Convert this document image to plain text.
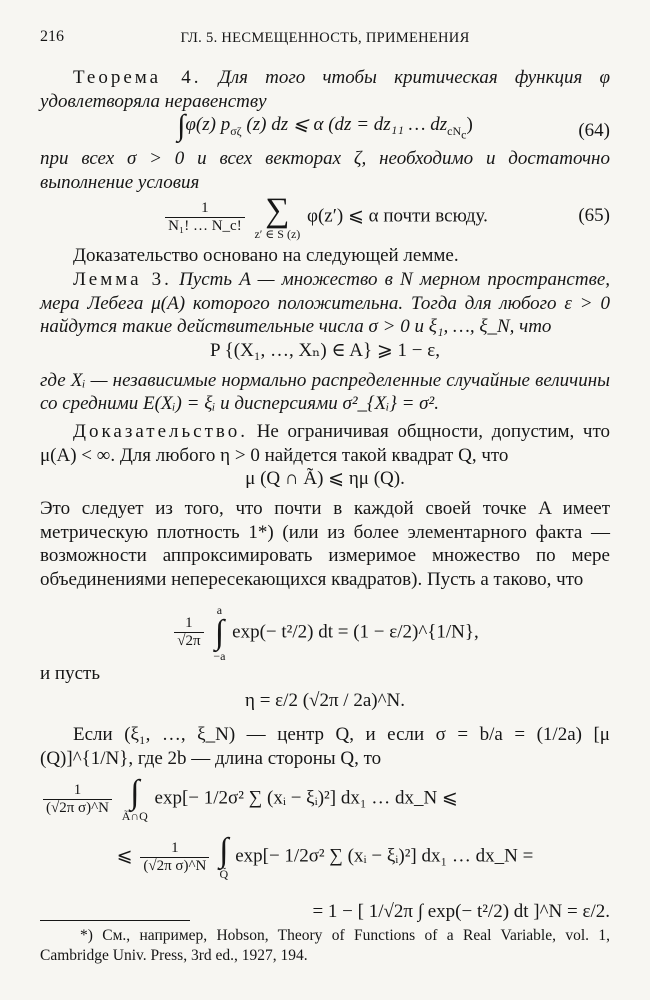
216	ГЛ. 5. НЕСМЕЩЕННОСТЬ, ПРИМЕНЕНИЯ

Теорема 4. Для того чтобы критическая функция φ удовлетворяла неравенству

∫φ(z) $p_{\sigma\zeta}$ (z) dz ⩽ α (dz = dz₁₁ … $dz_{cN_c}$)	(64)

при всех σ > 0 и всех векторах ζ, необходимо и достаточно выполнение условия

$\frac{1}{\text{N₁! … N\_c!}}$
∑
z′ ∈ S (z) φ(z′) ⩽ α почти всюду.	(65)

Доказательство основано на следующей лемме.

Лемма 3. Пусть A — множество в N мерном пространстве, мера Лебега μ(A) которого положительна. Тогда для любого ε > 0 найдутся такие действительные числа σ > 0 и ξ₁, …, ξ_N, что

P {(X₁, …, Xₙ) ∈ A} ⩾ 1 − ε,

где Xᵢ — независимые нормально распределенные случайные величины со средними E(Xᵢ) = ξᵢ и дисперсиями σ²_{Xᵢ} = σ².

Доказательство. Не ограничивая общности, допустим, что μ(A) < ∞. Для любого η > 0 найдется такой квадрат Q, что

μ (Q ∩ Ã) ⩽ ημ (Q).

Это следует из того, что почти в каждой своей точке A имеет метрическую плотность 1*) (или из более элементарного факта — возможности аппроксимировать измеримое множество по мере объединениями непересекающихся квадратов). Пусть a таково, что

$\frac{1}{√2\pi}$
a
∫
−a exp(− t²/2) dt = (1 − ε/2)^{1/N},

и пусть

η = ε/2 (√2π / 2a)^N.

Если (ξ₁, …, ξ_N) — центр Q, и если σ = b/a = (1/2a) [μ (Q)]^{1/N}, где 2b — длина стороны Q, то

$\frac{1}{\text{(√2π σ)\textasciicircum{}N}}$
∫
Ã∩Q exp[− 1/2σ² ∑ (xᵢ − ξᵢ)²] dx₁ … dx_N ⩽
⩽ $\frac{1}{\text{(√2π σ)\textasciicircum{}N}}$
∫
Q̃ exp[− 1/2σ² ∑ (xᵢ − ξᵢ)²] dx₁ … dx_N =
= 1 − [ 1/√2π ∫ exp(− t²/2) dt ]^N = ε/2.

*) См., например, Hobson, Theory of Functions of a Real Variable, vol. 1, Cambridge Univ. Press, 3rd ed., 1927, 194.
